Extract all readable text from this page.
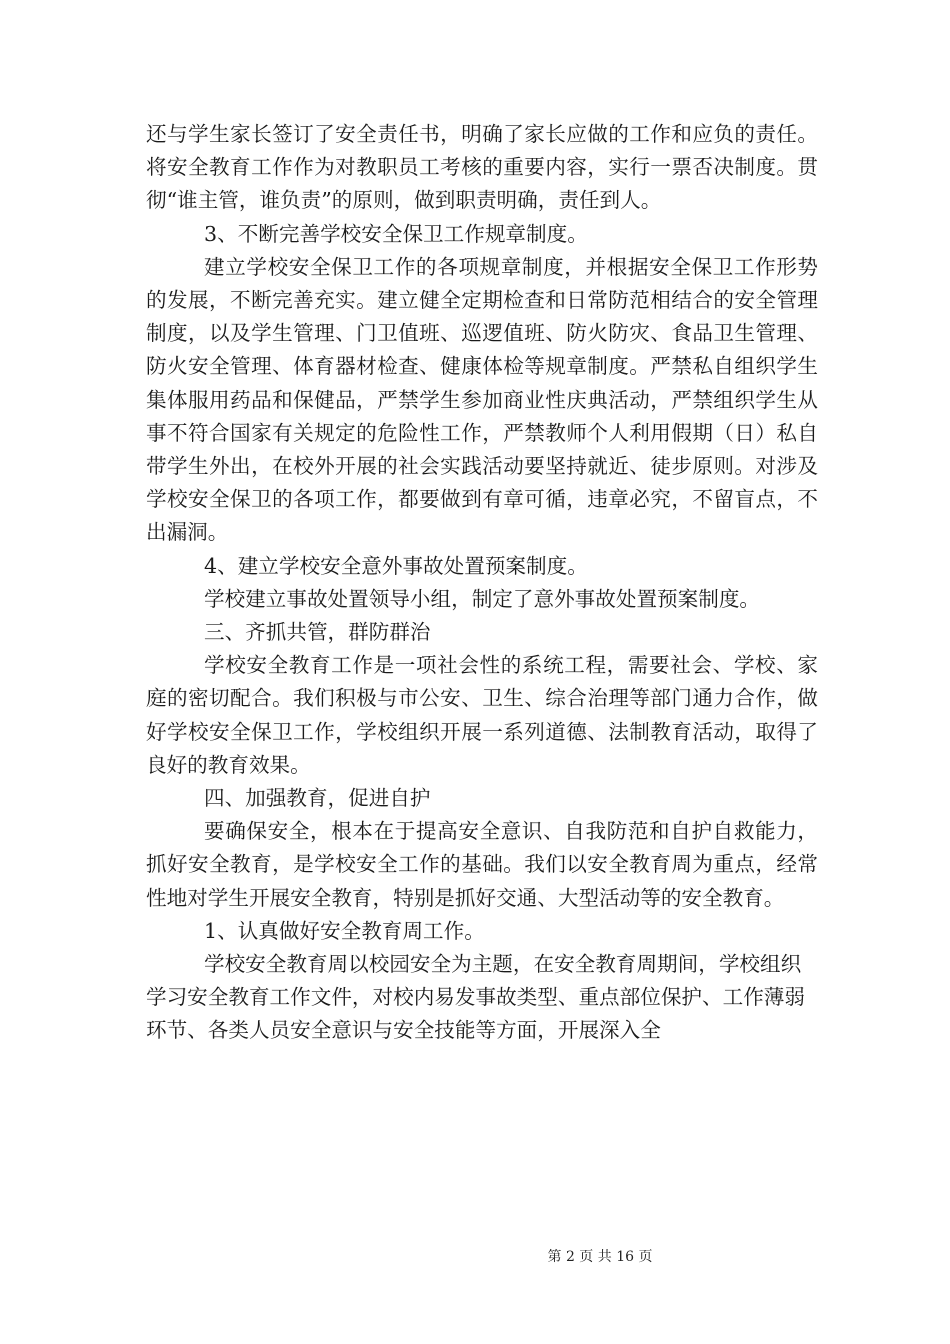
还与学生家长签订了安全责任书，明确了家长应做的工作和应负的责任。将安全教育工作作为对教职员工考核的重要内容，实行一票否决制度。贯彻“谁主管，谁负责”的原则，做到职责明确，责任到人。

3、不断完善学校安全保卫工作规章制度。

建立学校安全保卫工作的各项规章制度，并根据安全保卫工作形势的发展，不断完善充实。建立健全定期检查和日常防范相结合的安全管理制度，以及学生管理、门卫值班、巡逻值班、防火防灾、食品卫生管理、防火安全管理、体育器材检查、健康体检等规章制度。严禁私自组织学生集体服用药品和保健品，严禁学生参加商业性庆典活动，严禁组织学生从事不符合国家有关规定的危险性工作，严禁教师个人利用假期（日）私自带学生外出，在校外开展的社会实践活动要坚持就近、徒步原则。对涉及学校安全保卫的各项工作，都要做到有章可循，违章必究，不留盲点，不出漏洞。

4、建立学校安全意外事故处置预案制度。

学校建立事故处置领导小组，制定了意外事故处置预案制度。

三、齐抓共管，群防群治

学校安全教育工作是一项社会性的系统工程，需要社会、学校、家庭的密切配合。我们积极与市公安、卫生、综合治理等部门通力合作，做好学校安全保卫工作，学校组织开展一系列道德、法制教育活动，取得了良好的教育效果。

四、加强教育，促进自护

要确保安全，根本在于提高安全意识、自我防范和自护自救能力，抓好安全教育，是学校安全工作的基础。我们以安全教育周为重点，经常性地对学生开展安全教育，特别是抓好交通、大型活动等的安全教育。

1、认真做好安全教育周工作。

学校安全教育周以校园安全为主题，在安全教育周期间，学校组织学习安全教育工作文件，对校内易发事故类型、重点部位保护、工作薄弱环节、各类人员安全意识与安全技能等方面，开展深入全

第 2 页 共 16 页
